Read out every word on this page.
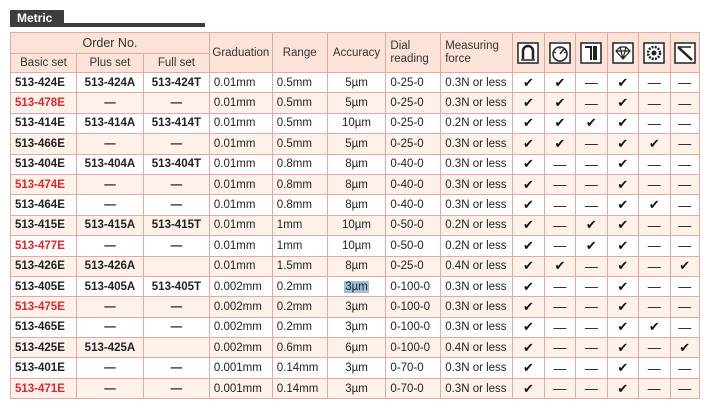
Metric
Order No.			Graduation	Range	Accuracy	Dial reading	Measuring force	

Basic set	Plus set	Full set											
513-424E	513-424A	513-424T	0.01mm	0.5mm	5µm	0-25-0	0.3N or less	✔	✔	—	✔	—	—
513-478E	—	—	0.01mm	0.5mm	5µm	0-25-0	0.3N or less	✔	✔	—	✔	—	—
513-414E	513-414A	513-414T	0.01mm	0.5mm	10µm	0-25-0	0.2N or less	✔	✔	✔	✔	—	—
513-466E	—	—	0.01mm	0.5mm	5µm	0-25-0	0.3N or less	✔	✔	—	✔	✔	—
513-404E	513-404A	513-404T	0.01mm	0.8mm	8µm	0-40-0	0.3N or less	✔	—	—	✔	—	—
513-474E	—	—	0.01mm	0.8mm	8µm	0-40-0	0.3N or less	✔	—	—	✔	—	—
513-464E	—	—	0.01mm	0.8mm	8µm	0-40-0	0.3N or less	✔	—	—	✔	✔	—
513-415E	513-415A	513-415T	0.01mm	1mm	10µm	0-50-0	0.2N or less	✔	—	✔	✔	—	—
513-477E	—	—	0.01mm	1mm	10µm	0-50-0	0.2N or less	✔	—	✔	✔	—	—
513-426E	513-426A		0.01mm	1.5mm	8µm	0-25-0	0.4N or less	✔	✔	—	✔	—	✔
513-405E	513-405A	513-405T	0.002mm	0.2mm	3µm	0-100-0	0.3N or less	✔	—	—	✔	—	—
513-475E	—	—	0.002mm	0.2mm	3µm	0-100-0	0.3N or less	✔	—	—	✔	—	—
513-465E	—	—	0.002mm	0.2mm	3µm	0-100-0	0.3N or less	✔	—	—	✔	✔	—
513-425E	513-425A		0.002mm	0.6mm	6µm	0-100-0	0.4N or less	✔	—	—	✔	—	✔
513-401E	—	—	0.001mm	0.14mm	3µm	0-70-0	0.3N or less	✔	—	—	✔	—	—
513-471E	—	—	0.001mm	0.14mm	3µm	0-70-0	0.3N or less	✔	—	—	✔	—	—
